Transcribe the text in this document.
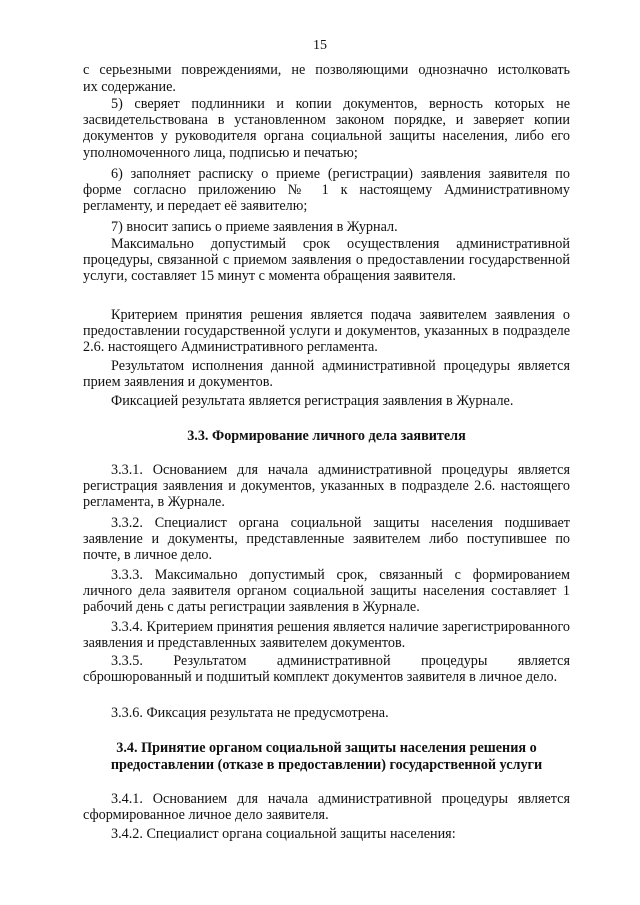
15

с серьезными повреждениями, не позволяющими однозначно истолковать

их содержание.

5) сверяет подлинники и копии документов, верность которых не засвидетельствована в установленном законом порядке, и заверяет копии документов у руководителя органа социальной защиты населения, либо его уполномоченного лица, подписью и печатью;

6) заполняет расписку о приеме (регистрации) заявления заявителя по форме согласно приложению № 1 к настоящему Административному регламенту, и передает её заявителю;

7) вносит запись о приеме заявления в Журнал.

Максимально допустимый срок осуществления административной процедуры, связанной с приемом заявления о предоставлении государственной услуги, составляет 15 минут с момента обращения заявителя.

Критерием принятия решения является подача заявителем заявления о предоставлении государственной услуги и документов, указанных в подразделе 2.6. настоящего Административного регламента.

Результатом исполнения данной административной процедуры является прием заявления и документов.

Фиксацией результата является регистрация заявления в Журнале.

3.3. Формирование личного дела заявителя

3.3.1. Основанием для начала административной процедуры является регистрация заявления и документов, указанных в подразделе 2.6. настоящего регламента, в Журнале.

3.3.2. Специалист органа социальной защиты населения подшивает заявление и документы, представленные заявителем либо поступившее по почте, в личное дело.

3.3.3. Максимально допустимый срок, связанный с формированием личного дела заявителя органом социальной защиты населения составляет 1 рабочий день с даты регистрации заявления в Журнале.

3.3.4. Критерием принятия решения является наличие зарегистрированного заявления и представленных заявителем документов.

3.3.5. Результатом административной процедуры является сброшюрованный и подшитый комплект документов заявителя в личное дело.

3.3.6. Фиксация результата не предусмотрена.

3.4. Принятие органом социальной защиты населения решения о

предоставлении (отказе в предоставлении) государственной услуги

3.4.1. Основанием для начала административной процедуры является сформированное личное дело заявителя.

3.4.2. Специалист органа социальной защиты населения:
